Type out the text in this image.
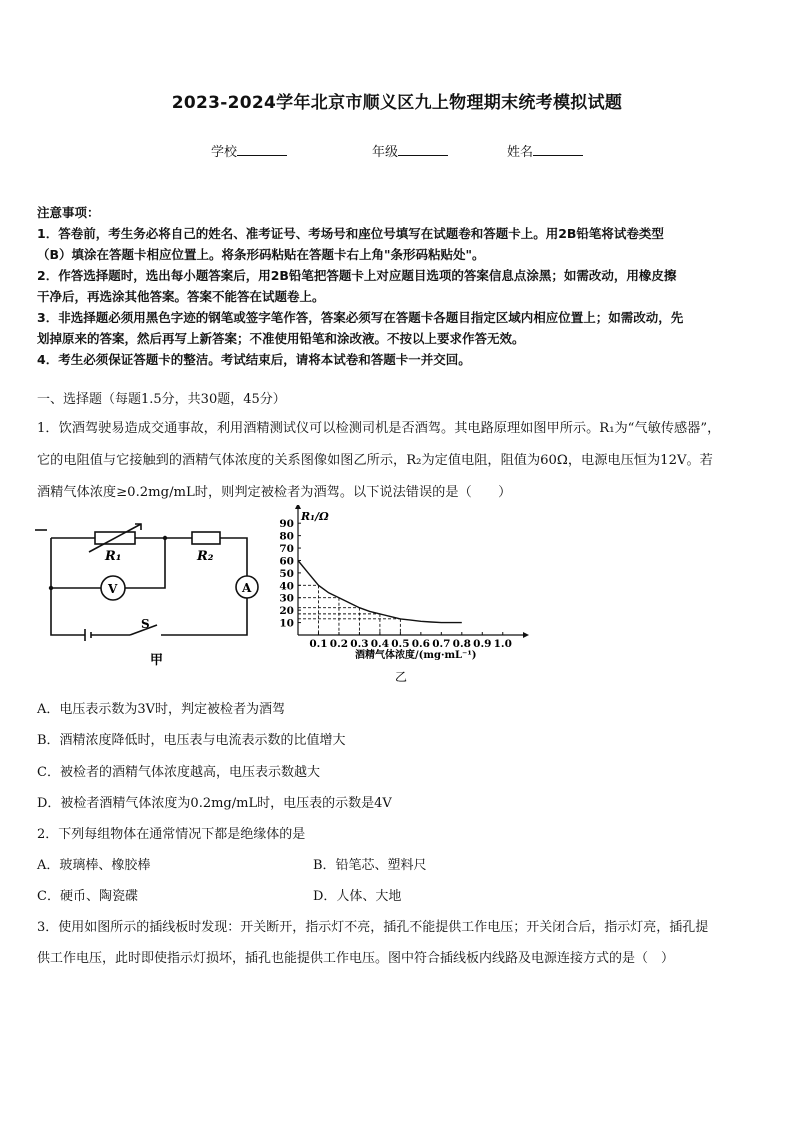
2023-2024学年北京市顺义区九上物理期末统考模拟试题
学校	年级	姓名
注意事项：
1．答卷前，考生务必将自己的姓名、准考证号、考场号和座位号填写在试题卷和答题卡上。用2B铅笔将试卷类型
（B）填涂在答题卡相应位置上。将条形码粘贴在答题卡右上角"条形码粘贴处"。
2．作答选择题时，选出每小题答案后，用2B铅笔把答题卡上对应题目选项的答案信息点涂黑；如需改动，用橡皮擦
干净后，再选涂其他答案。答案不能答在试题卷上。
3．非选择题必须用黑色字迹的钢笔或签字笔作答，答案必须写在答题卡各题目指定区域内相应位置上；如需改动，先
划掉原来的答案，然后再写上新答案；不准使用铅笔和涂改液。不按以上要求作答无效。
4．考生必须保证答题卡的整洁。考试结束后，请将本试卷和答题卡一并交回。
一、选择题（每题1.5分，共30题，45分）
1．饮酒驾驶易造成交通事故，利用酒精测试仪可以检测司机是否酒驾。其电路原理如图甲所示。R₁为“气敏传感器”，
它的电阻值与它接触到的酒精气体浓度的关系图像如图乙所示，R₂为定值电阻，阻值为60Ω，电源电压恒为12V。若
酒精气体浓度≥0.2mg/mL时，则判定被检者为酒驾。以下说法错误的是（　　）
R₁	R₂
V	A
S
甲
R₁/Ω
酒精气体浓度/(mg·mL⁻¹)
乙
10
20
30
40
50
60
70
80
90
0.1 0.2 0.3 0.4 0.5 0.6 0.7 0.8 0.9 1.0
A．电压表示数为3V时，判定被检者为酒驾
B．酒精浓度降低时，电压表与电流表示数的比值增大
C．被检者的酒精气体浓度越高，电压表示数越大
D．被检者酒精气体浓度为0.2mg/mL时，电压表的示数是4V
2．下列每组物体在通常情况下都是绝缘体的是
A．玻璃棒、橡胶棒	B．铅笔芯、塑料尺
C．硬币、陶瓷碟	D．人体、大地
3．使用如图所示的插线板时发现：开关断开，指示灯不亮，插孔不能提供工作电压；开关闭合后，指示灯亮，插孔提
供工作电压，此时即使指示灯损坏，插孔也能提供工作电压。图中符合插线板内线路及电源连接方式的是（　）
